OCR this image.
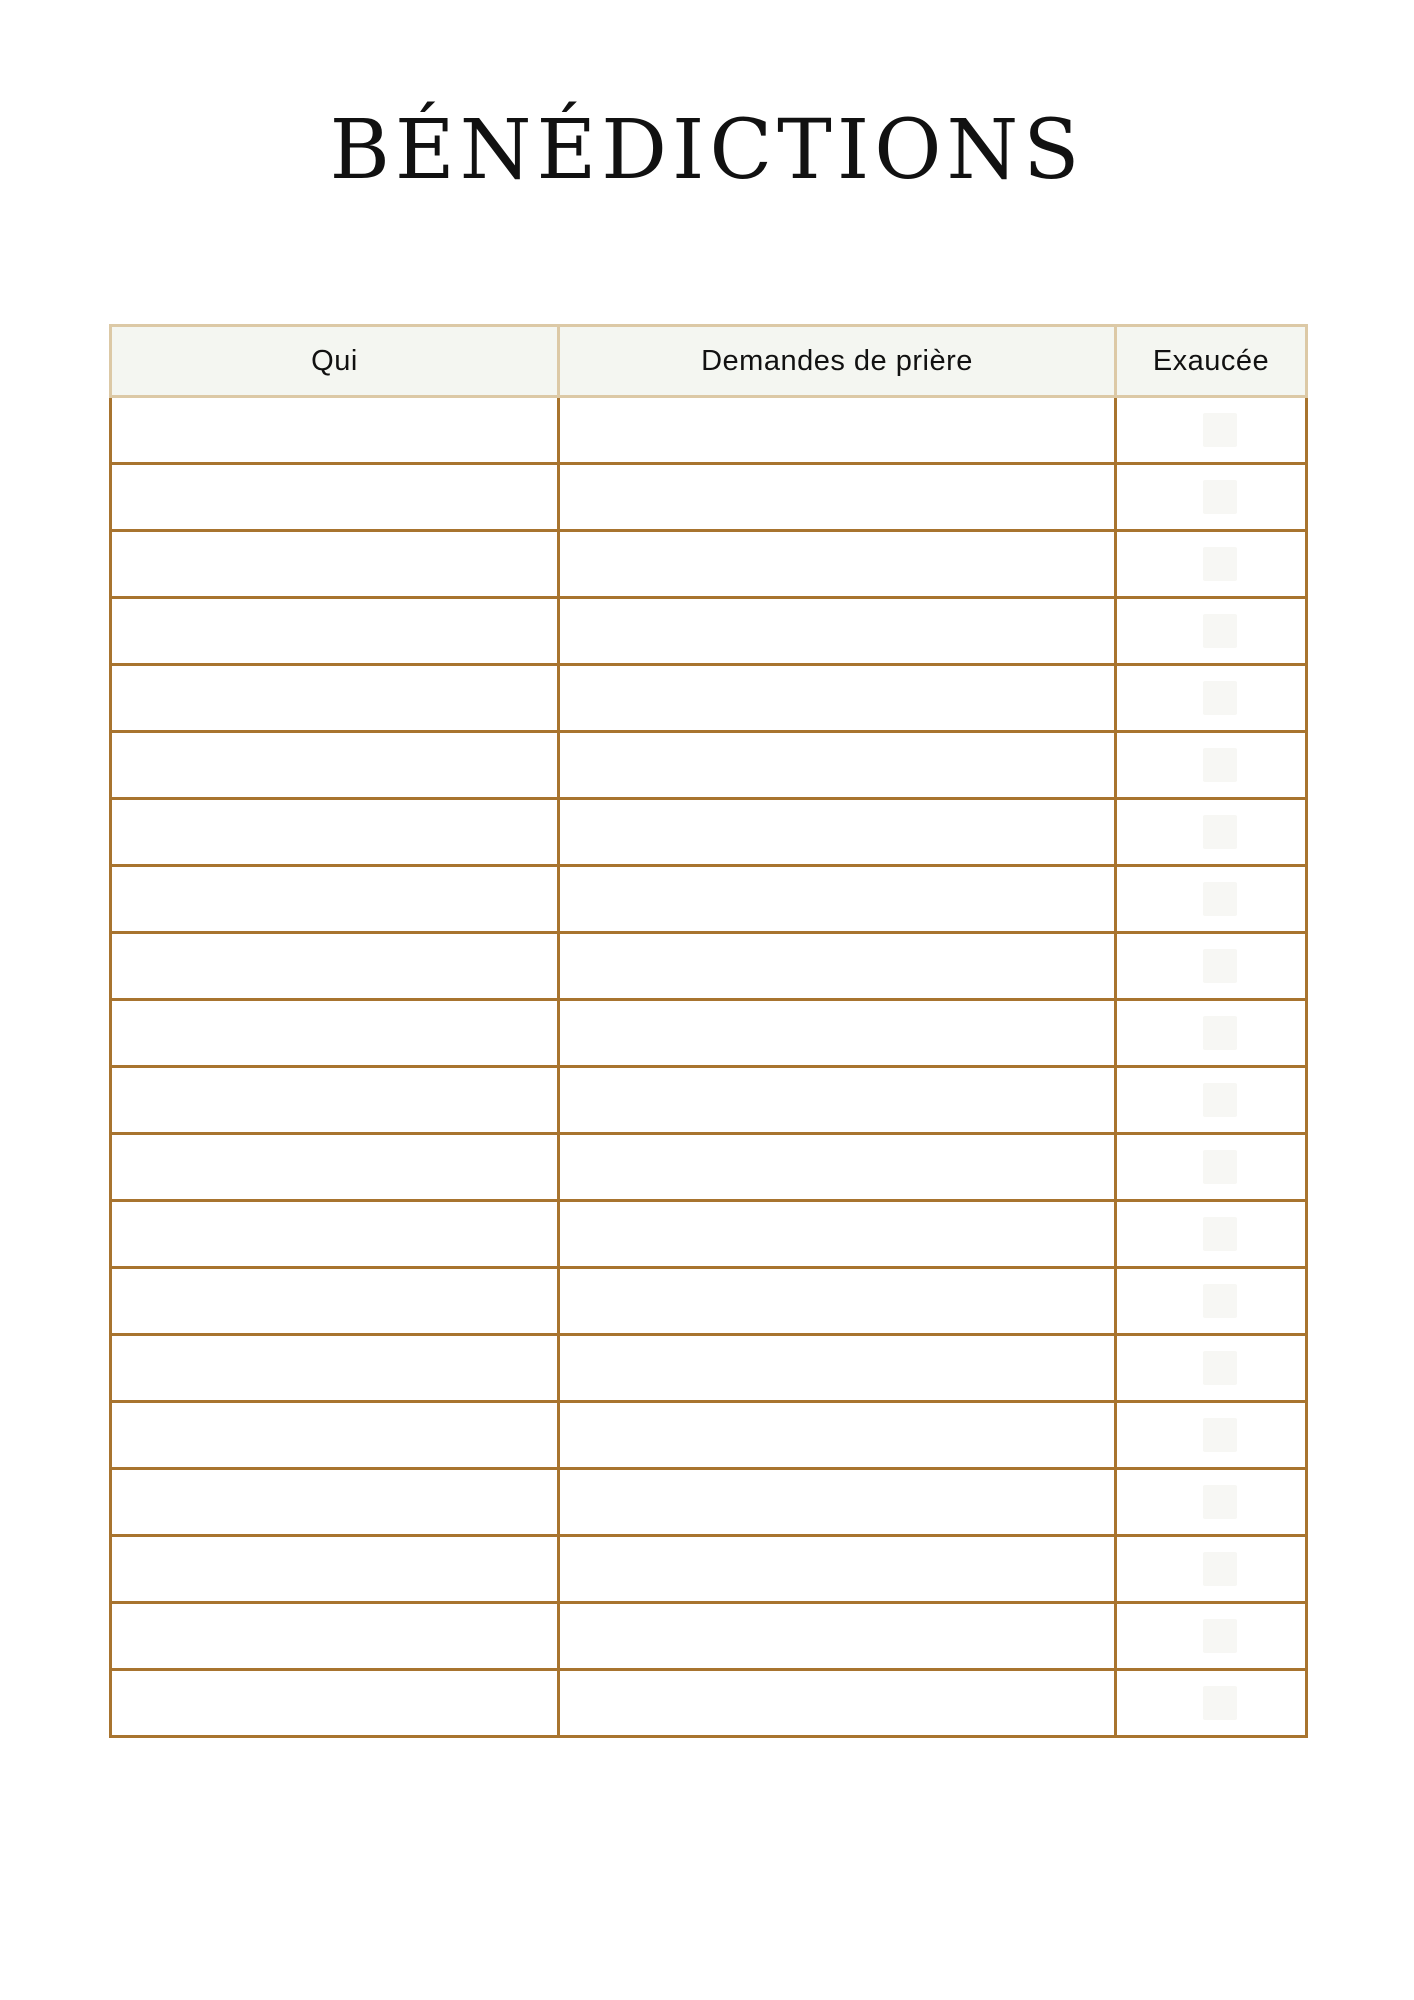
BÉNÉDICTIONS
Qui	Demandes de prière	Exaucée
